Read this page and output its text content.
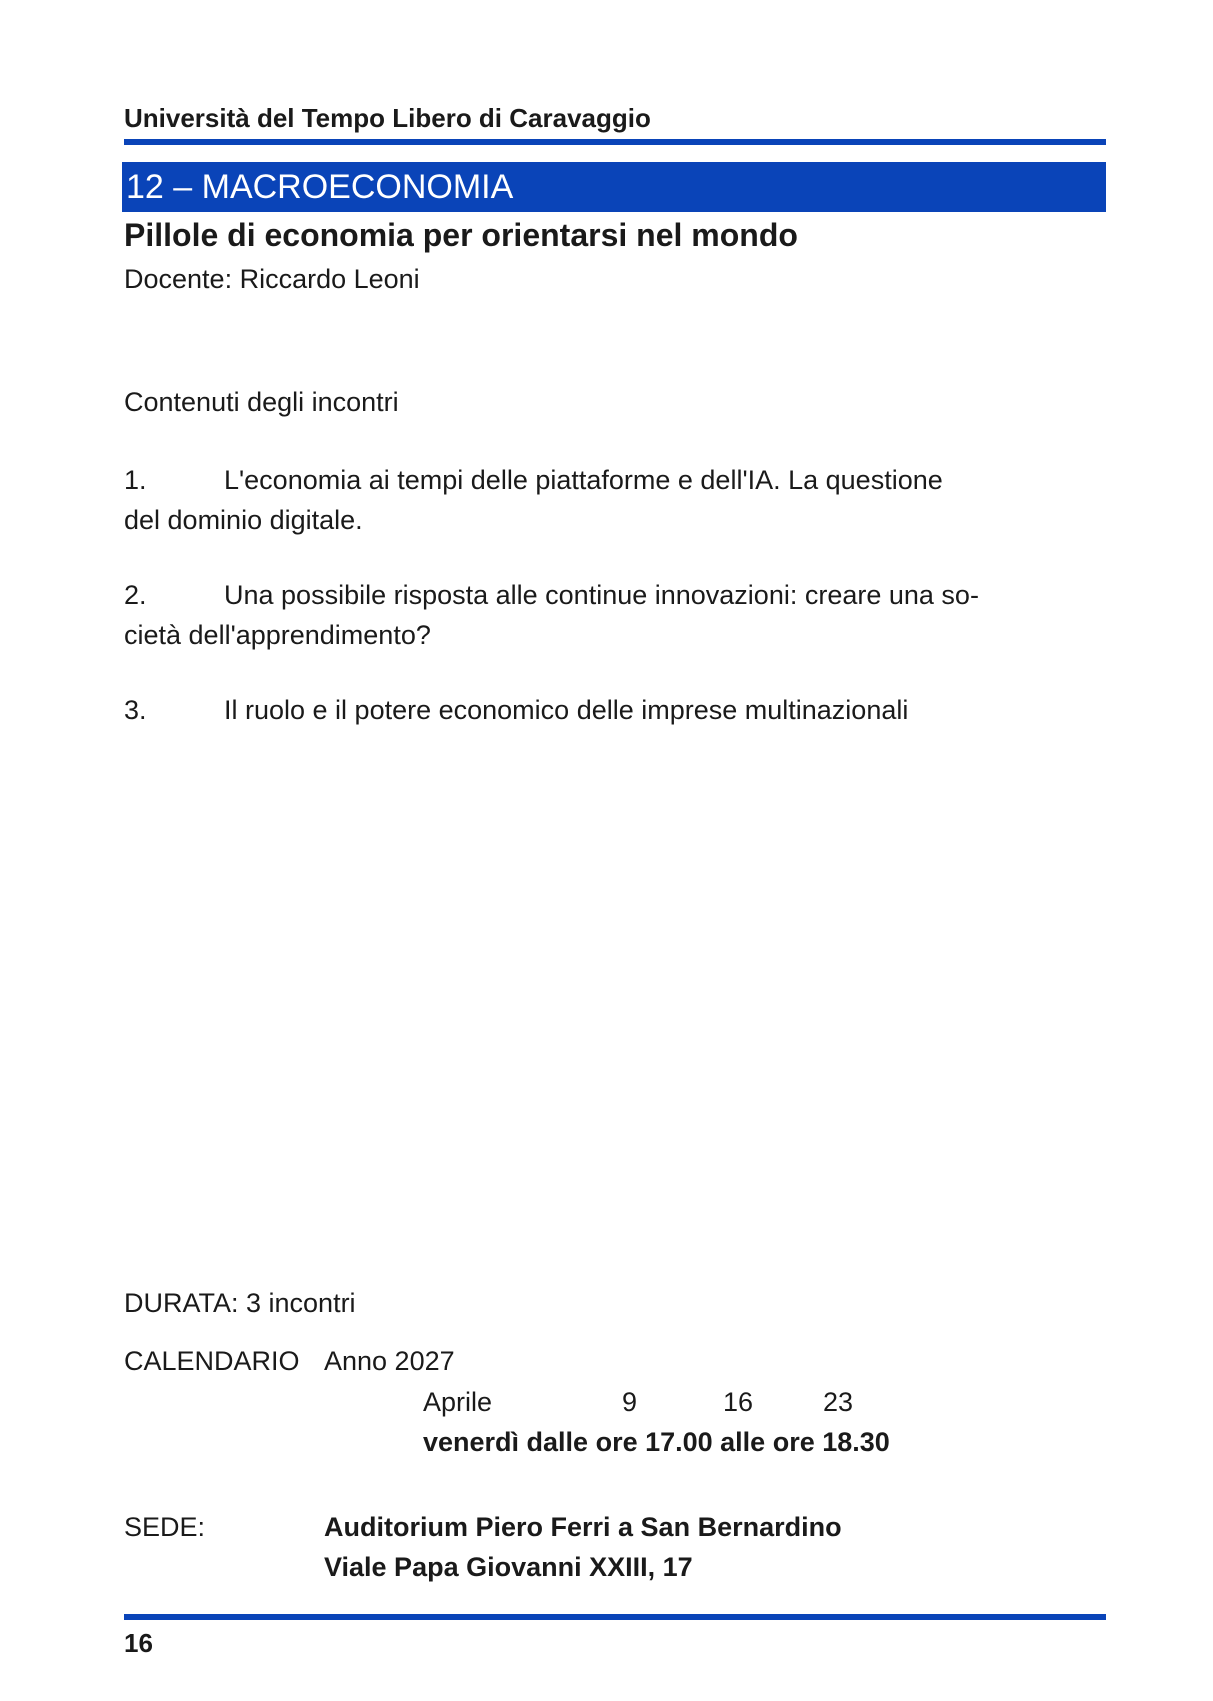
Università del Tempo Libero di Caravaggio
12 – MACROECONOMIA
Pillole di economia per orientarsi nel mondo
Docente: Riccardo Leoni
Contenuti degli incontri
1.	L'economia ai tempi delle piattaforme e dell'IA. La questione
del dominio digitale.
2.	Una possibile risposta alle continue innovazioni: creare una so-
cietà dell'apprendimento?
3.	Il ruolo e il potere economico delle imprese multinazionali
DURATA: 3 incontri
CALENDARIO Anno 2027
Aprile	9	16	23
venerdì dalle ore 17.00 alle ore 18.30
SEDE:	Auditorium Piero Ferri a San Bernardino
Viale Papa Giovanni XXIII, 17
16
